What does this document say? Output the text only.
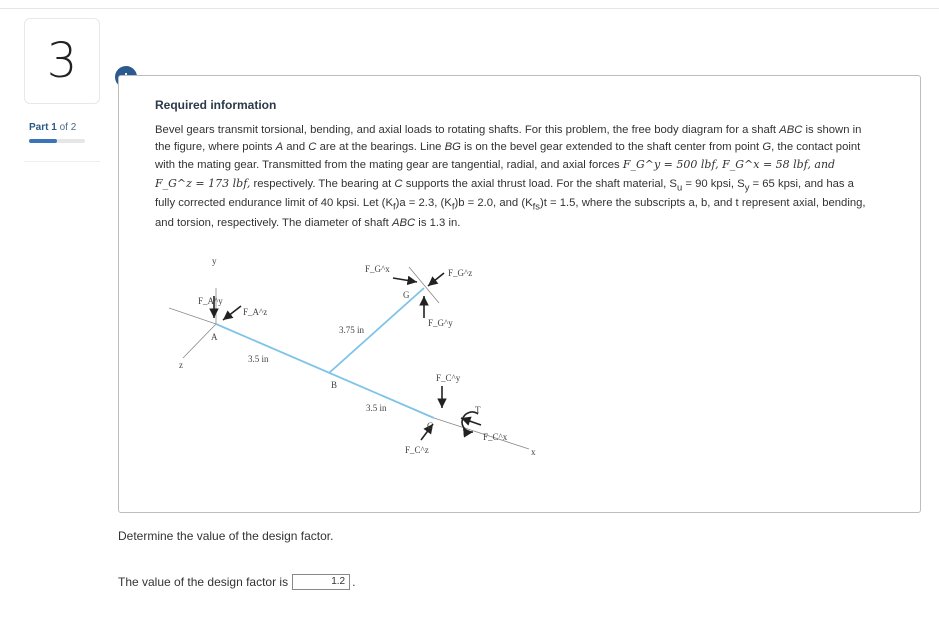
3
Part 1 of 2
Required information
Bevel gears transmit torsional, bending, and axial loads to rotating shafts. For this problem, the free body diagram for a shaft ABC is shown in the figure, where points A and C are at the bearings. Line BG is on the bevel gear extended to the shaft center from point G, the contact point with the mating gear. Transmitted from the mating gear are tangential, radial, and axial forces F_G^y = 500 lbf, F_G^x = 58 lbf, and F_G^z = 173 lbf, respectively. The bearing at C supports the axial thrust load. For the shaft material, $S_u = 90$ kpsi, $S_y = 65$ kpsi, and has a fully corrected endurance limit of 40 kpsi. Let $(K_f)a = 2.3$, $(K_f)b = 2.0$, and $(K_{fs})t = 1.5$, where the subscripts a, b, and t represent axial, bending, and torsion, respectively. The diameter of shaft ABC is 1.3 in.
y
z
x
A
B
C
G
T
F_A^y
F_A^z
F_G^x	F_G^z
F_G^y
F_C^y
F_C^x
F_C^z
3.5 in
3.75 in
3.5 in
Determine the value of the design factor.
The value of the design factor is	1.2 .
